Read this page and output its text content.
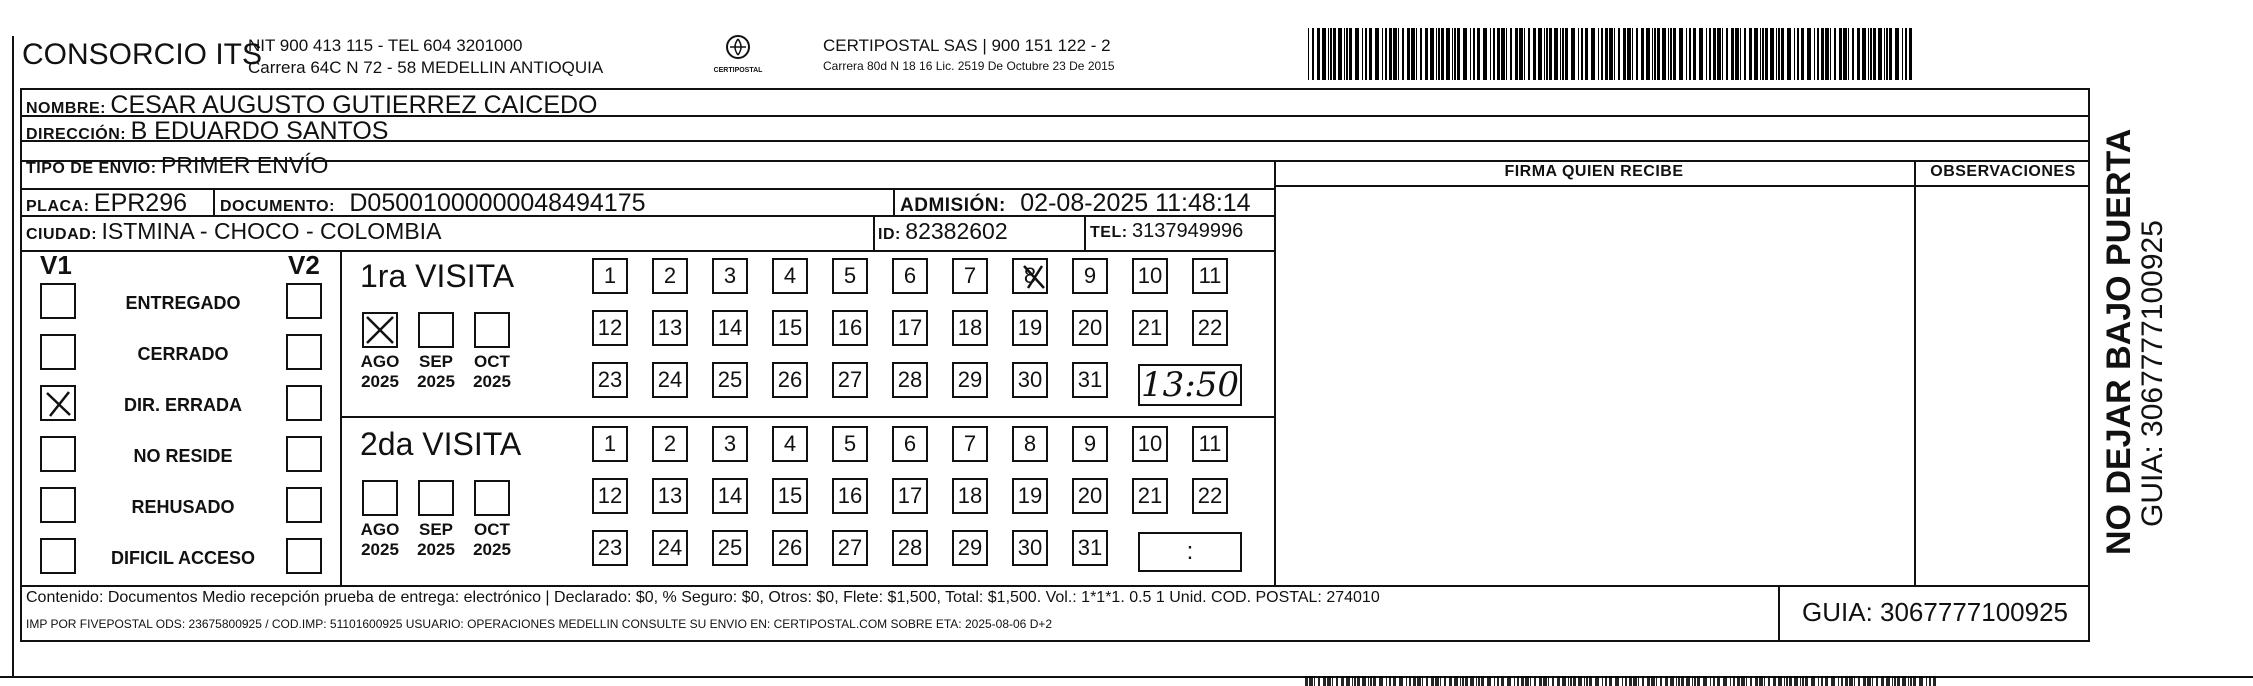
CONSORCIO ITS
NIT 900 413 115 - TEL 604 3201000
Carrera 64C N 72 - 58 MEDELLIN ANTIOQUIA	CERTIPOSTAL
CERTIPOSTAL SAS | 900 151 122 - 2
Carrera 80d N 18 16 Lic. 2519 De Octubre 23 De 2015
NOMBRE: CESAR AUGUSTO GUTIERREZ CAICEDO
DIRECCIÓN: B EDUARDO SANTOS
TIPO DE ENVIO: PRIMER ENVÍO	FIRMA QUIEN RECIBE	OBSERVACIONES
PLACA: EPR296 DOCUMENTO: D05001000000048494175	ADMISIÓN: 02-08-2025 11:48:14
CIUDAD: ISTMINA - CHOCO - COLOMBIA	ID: 82382602	TEL: 3137949996
V1	V2
ENTREGADO
CERRADO
DIR. ERRADA
NO RESIDE
REHUSADO
DIFICIL ACCESO
1ra VISITA
2da VISITA
AGO
2025
SEP
2025
OCT
2025
AGO
2025
SEP
2025
OCT
2025
1	2	3	4	5	6	7	8	9	10 11
12 13 14 15 16 17 18 19 20 21 22
23 24 25 26 27 28 29 30 31
1	2	3	4	5	6	7	8	9	10 11
12 13 14 15 16 17 18 19 20 21 22
23 24 25 26 27 28 29 30 31
13:50
:
Contenido: Documentos Medio recepción prueba de entrega: electrónico | Declarado: $0, % Seguro: $0, Otros: $0, Flete: $1,500, Total: $1,500. Vol.: 1*1*1. 0.5 1 Unid. COD. POSTAL: 274010
IMP POR FIVEPOSTAL ODS: 23675800925 / COD.IMP: 51101600925 USUARIO: OPERACIONES MEDELLIN CONSULTE SU ENVIO EN: CERTIPOSTAL.COM SOBRE ETA: 2025-08-06 D+2	GUIA: 3067777100925
NO DEJAR BAJO PUERTA
GUIA: 3067777100925
